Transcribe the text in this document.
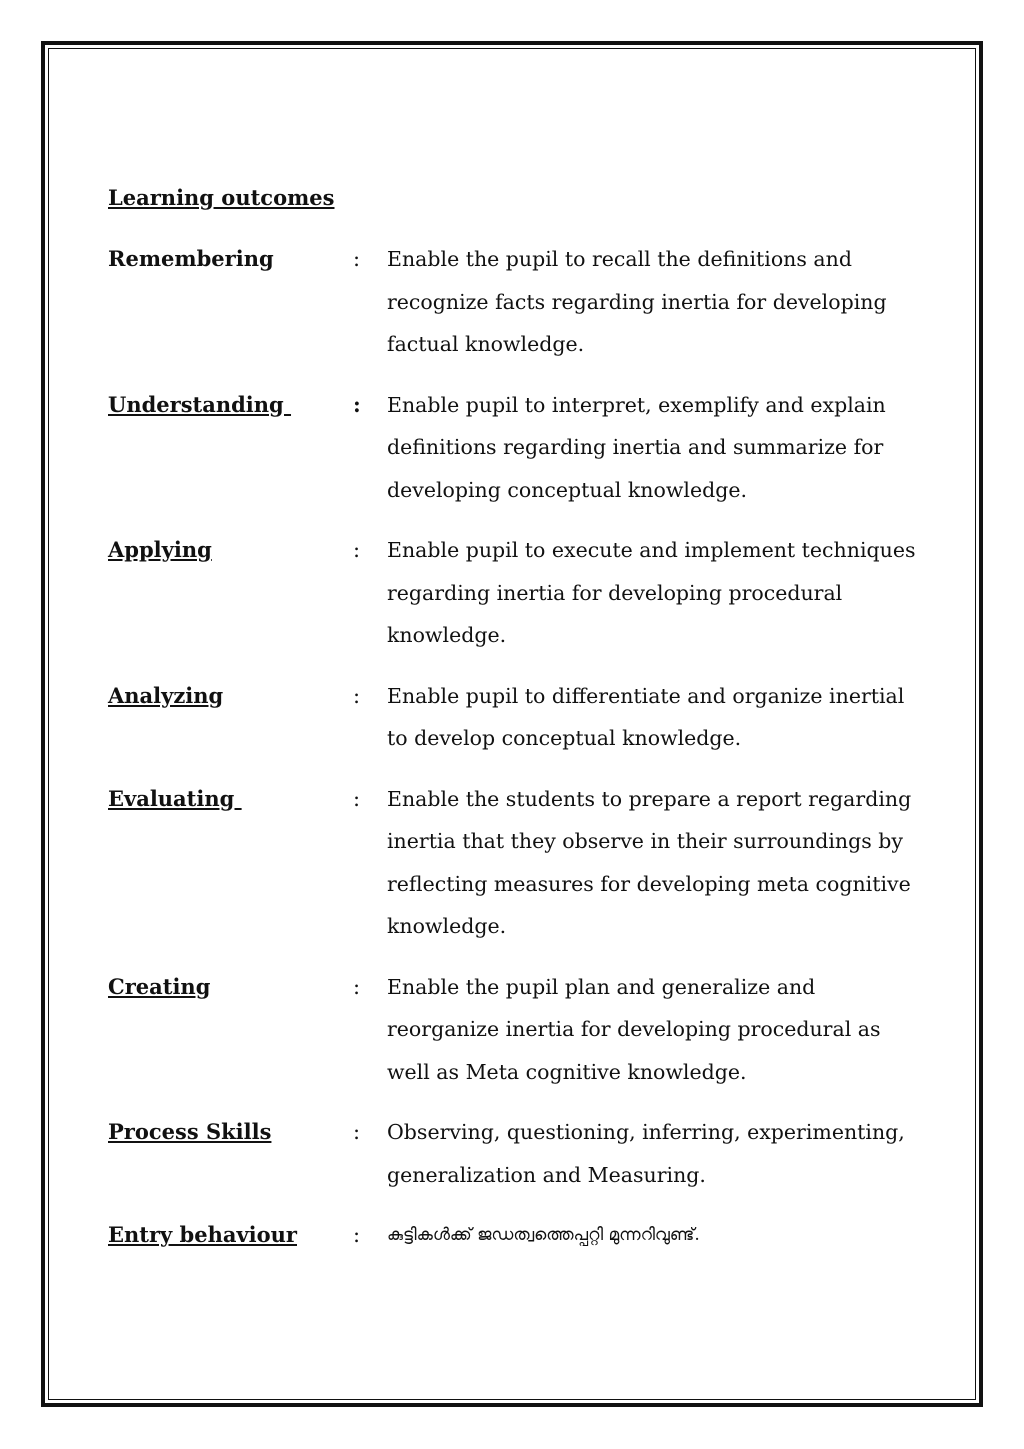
Learning outcomes
Remembering	:	Enable the pupil to recall the definitions and recognize facts regarding inertia for developing factual knowledge.
Understanding	:	Enable pupil to interpret, exemplify and explain definitions regarding inertia and summarize for developing conceptual knowledge.
Applying	:	Enable pupil to execute and implement techniques regarding inertia for developing procedural knowledge.
Analyzing	:	Enable pupil to differentiate and organize inertial to develop conceptual knowledge.
Evaluating	:	Enable the students to prepare a report regarding inertia that they observe in their surroundings by reflecting measures for developing meta cognitive knowledge.
Creating	:	Enable the pupil plan and generalize and reorganize inertia for developing procedural as well as Meta cognitive knowledge.
Process Skills	:	Observing, questioning, inferring, experimenting, generalization and Measuring.
Entry behaviour	:	കുട്ടികൾക്ക് ജഡത്വത്തെപ്പറ്റി മുന്നറിവുണ്ട്.
